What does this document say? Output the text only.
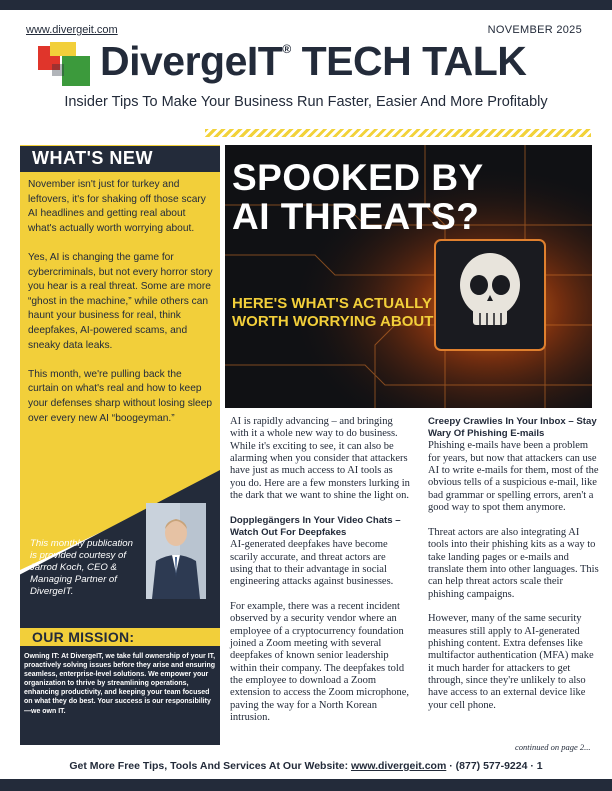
www.divergeit.com	NOVEMBER 2025
DivergeIT® TECH TALK
Insider Tips To Make Your Business Run Faster, Easier And More Profitably
WHAT'S NEW

November isn't just for turkey and leftovers, it's for shaking off those scary AI headlines and getting real about what's actually worth worrying about.

Yes, AI is changing the game for cybercriminals, but not every horror story you hear is a real threat. Some are more “ghost in the machine,” while others can haunt your business for real, think deepfakes, AI-powered scams, and sneaky data leaks.

This month, we're pulling back the curtain on what's real and how to keep your defenses sharp without losing sleep over every new AI “boogeyman.”

This monthly publication is provided courtesy of Jarrod Koch, CEO & Managing Partner of DivergeIT.
OUR MISSION:
Owning IT: At DivergeIT, we take full ownership of your IT, proactively solving issues before they arise and ensuring seamless, enterprise-level solutions. We empower your organization to thrive by streamlining operations, enhancing productivity, and keeping your team focused on what they do best. Your success is our responsibility—we own IT.
SPOOKED BY AI THREATS?
HERE'S WHAT'S ACTUALLY WORTH WORRYING ABOUT

AI is rapidly advancing – and bringing with it a whole new way to do business. While it's exciting to see, it can also be alarming when you consider that attackers have just as much access to AI tools as you do. Here are a few monsters lurking in the dark that we want to shine the light on.

Dopplegängers In Your Video Chats – Watch Out For Deepfakes

AI-generated deepfakes have become scarily accurate, and threat actors are using that to their advantage in social engineering attacks against businesses.

For example, there was a recent incident observed by a security vendor where an employee of a cryptocurrency foundation joined a Zoom meeting with several deepfakes of known senior leadership within their company. The deepfakes told the employee to download a Zoom extension to access the Zoom microphone, paving the way for a North Korean intrusion.

Creepy Crawlies In Your Inbox – Stay Wary Of Phishing E-mails

Phishing e-mails have been a problem for years, but now that attackers can use AI to write e-mails for them, most of the obvious tells of a suspicious e-mail, like bad grammar or spelling errors, aren't a good way to spot them anymore.

Threat actors are also integrating AI tools into their phishing kits as a way to take landing pages or e-mails and translate them into other languages. This can help threat actors scale their phishing campaigns.

However, many of the same security measures still apply to AI-generated phishing content. Extra defenses like multifactor authentication (MFA) make it much harder for attackers to get through, since they're unlikely to also have access to an external device like your cell phone.

continued on page 2...
Get More Free Tips, Tools And Services At Our Website: www.divergeit.com · (877) 577-9224 · 1
